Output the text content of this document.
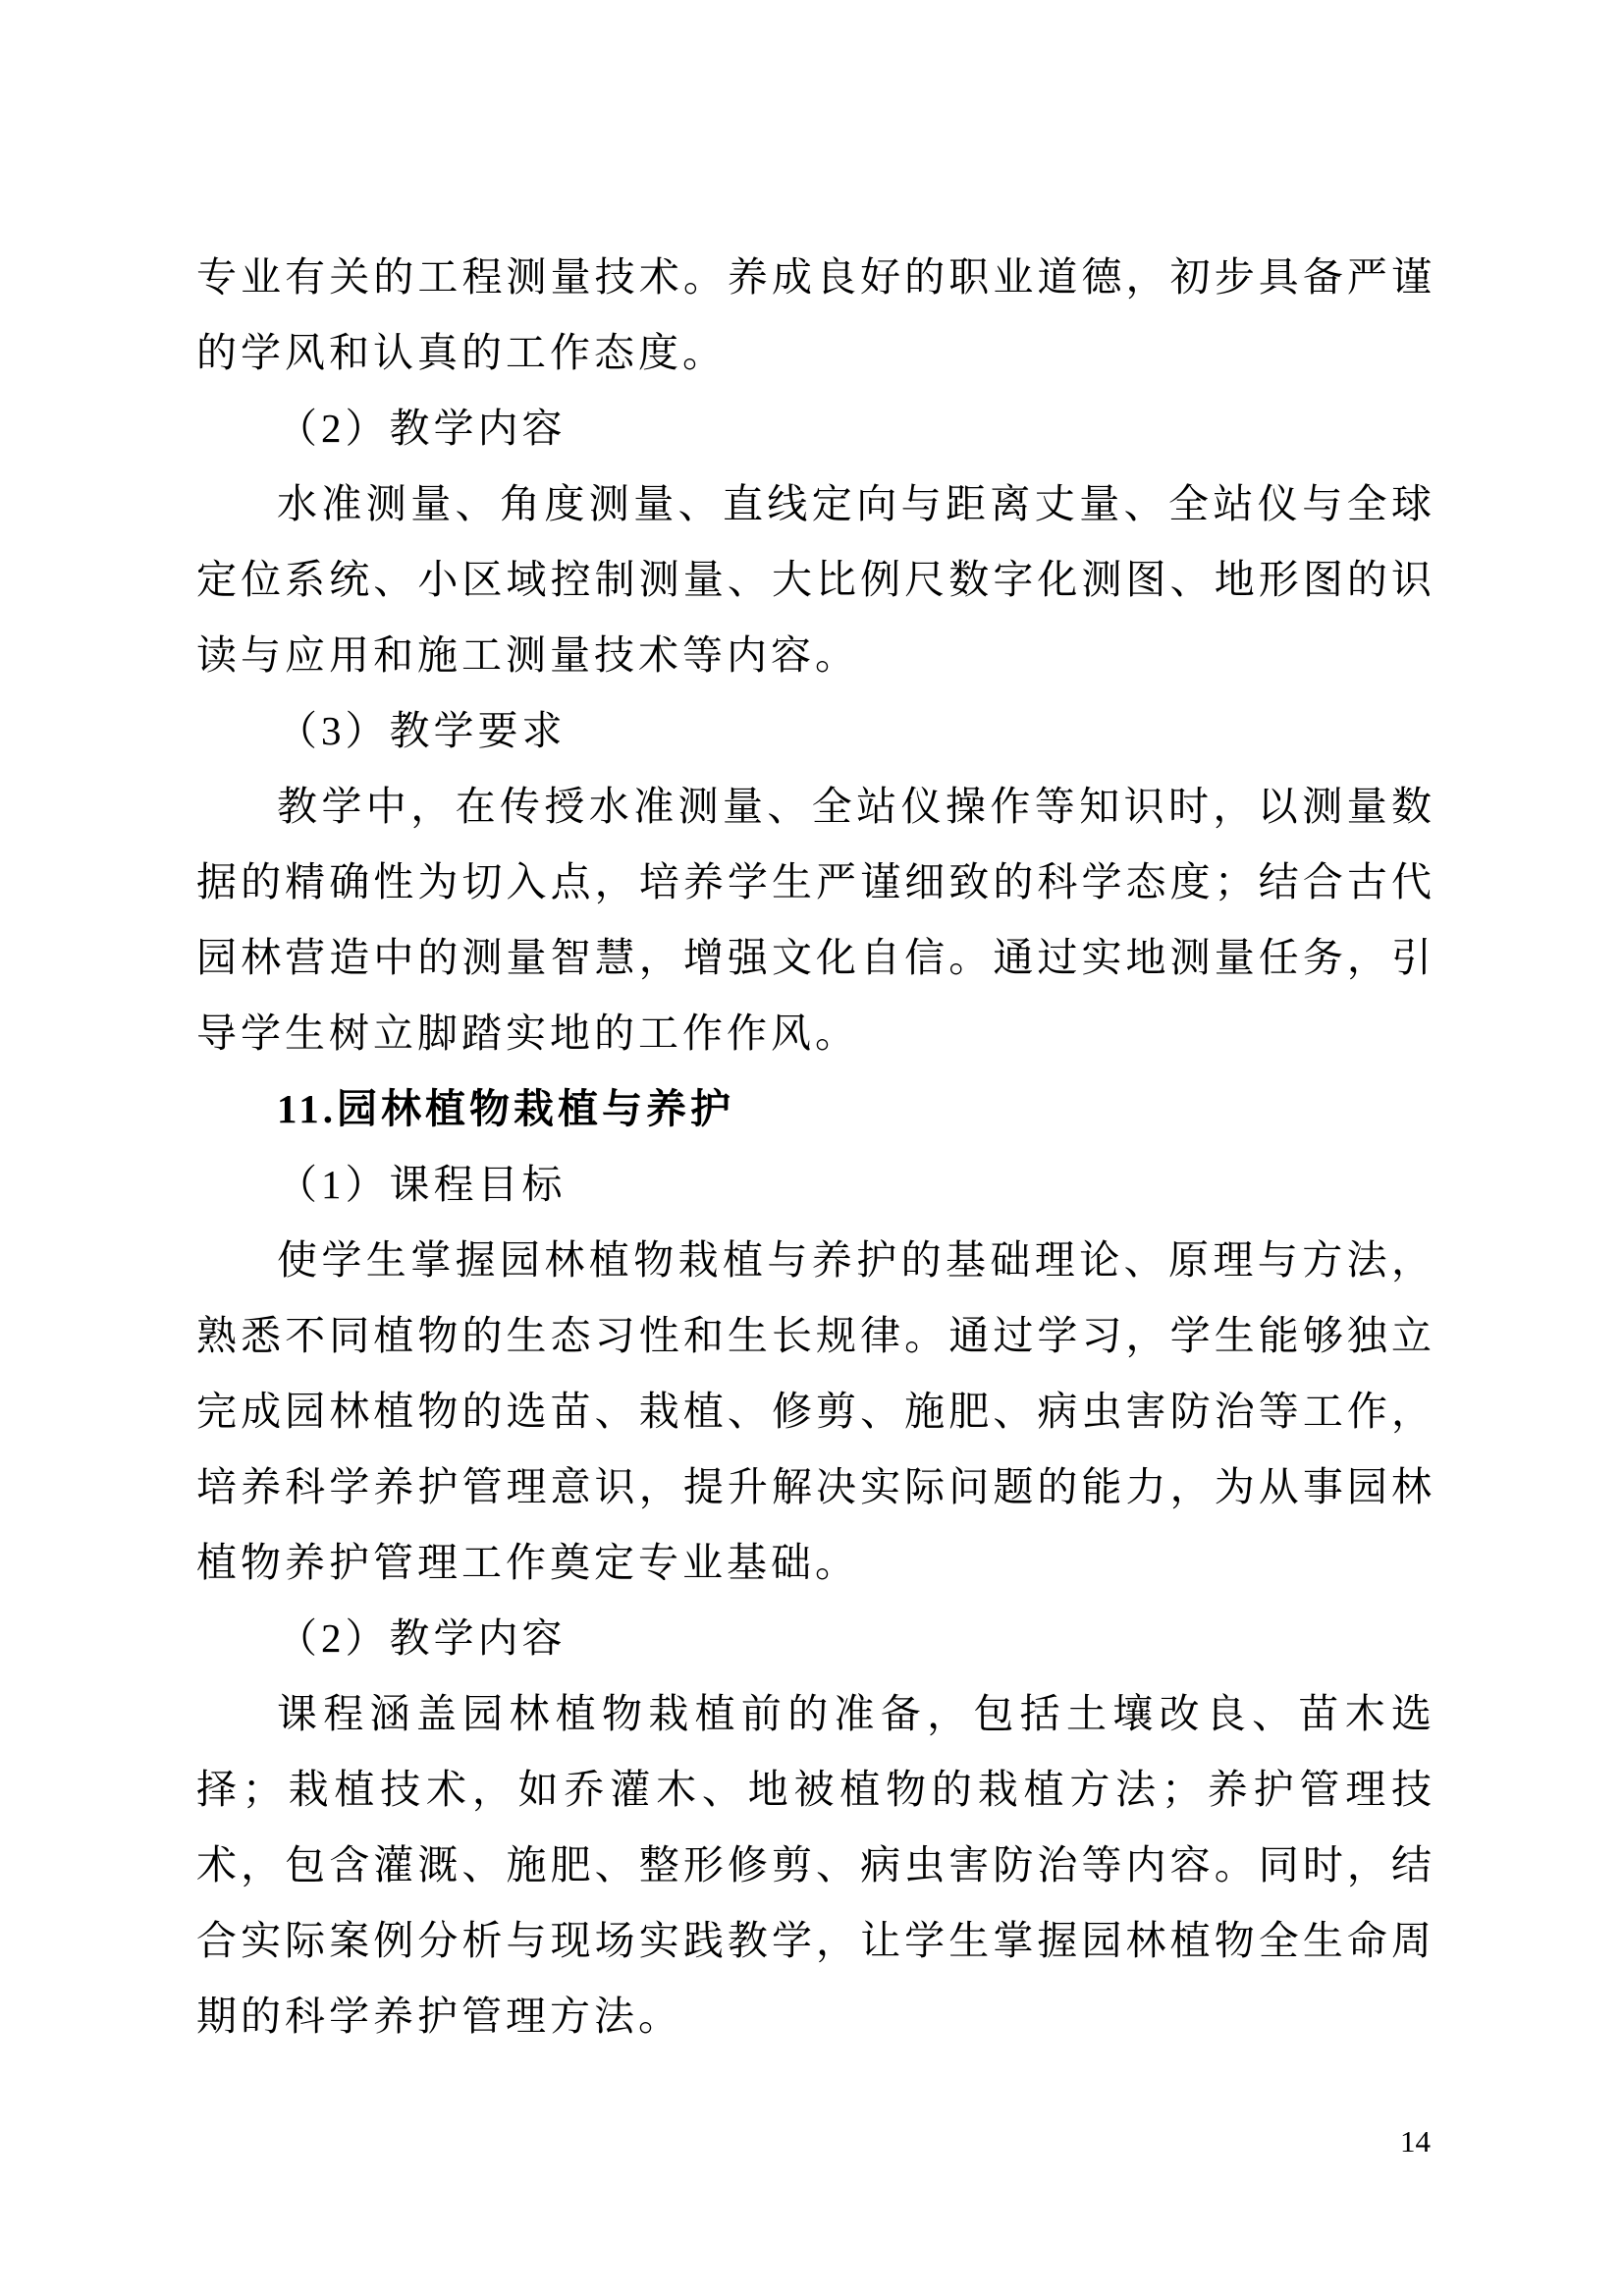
专业有关的工程测量技术。养成良好的职业道德，初步具备严谨的学风和认真的工作态度。

（2）教学内容

水准测量、角度测量、直线定向与距离丈量、全站仪与全球定位系统、小区域控制测量、大比例尺数字化测图、地形图的识读与应用和施工测量技术等内容。

（3）教学要求

教学中，在传授水准测量、全站仪操作等知识时，以测量数据的精确性为切入点，培养学生严谨细致的科学态度；结合古代园林营造中的测量智慧，增强文化自信。通过实地测量任务，引导学生树立脚踏实地的工作作风。

11.园林植物栽植与养护

（1）课程目标

使学生掌握园林植物栽植与养护的基础理论、原理与方法，熟悉不同植物的生态习性和生长规律。通过学习，学生能够独立完成园林植物的选苗、栽植、修剪、施肥、病虫害防治等工作，培养科学养护管理意识，提升解决实际问题的能力，为从事园林植物养护管理工作奠定专业基础。

（2）教学内容

课程涵盖园林植物栽植前的准备，包括土壤改良、苗木选择；栽植技术，如乔灌木、地被植物的栽植方法；养护管理技术，包含灌溉、施肥、整形修剪、病虫害防治等内容。同时，结合实际案例分析与现场实践教学，让学生掌握园林植物全生命周期的科学养护管理方法。

14
